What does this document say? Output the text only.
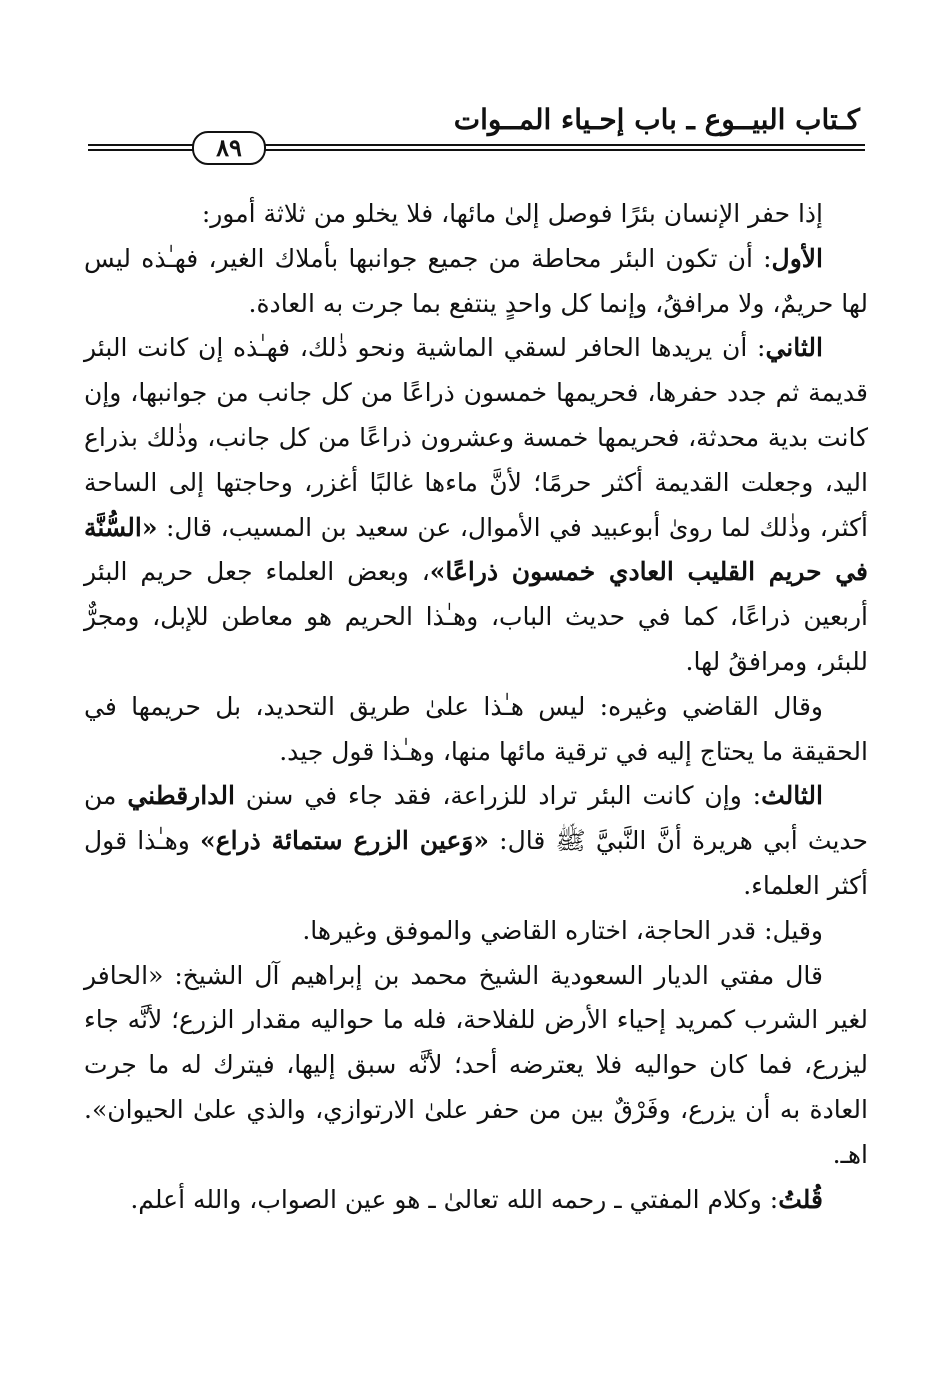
كـتاب البيــوع ـ باب إحـياء المــوات
٨٩

إذا حفر الإنسان بئرًا فوصل إلىٰ مائها، فلا يخلو من ثلاثة أمور:

الأول: أن تكون البئر محاطة من جميع جوانبها بأملاك الغير، فهـٰذه ليس لها حريمٌ، ولا مرافقُ، وإنما كل واحدٍ ينتفع بما جرت به العادة.

الثاني: أن يريدها الحافر لسقي الماشية ونحو ذٰلك، فهـٰذه إن كانت البئر قديمة ثم جدد حفرها، فحريمها خمسون ذراعًا من كل جانب من جوانبها، وإن كانت بدية محدثة، فحريمها خمسة وعشرون ذراعًا من كل جانب، وذٰلك بذراع اليد، وجعلت القديمة أكثر حرمًا؛ لأنَّ ماءها غالبًا أغزر، وحاجتها إلى الساحة أكثر، وذٰلك لما روىٰ أبوعبيد في الأموال، عن سعيد بن المسيب، قال: «السُّنَّة في حريم القليب العادي خمسون ذراعًا»، وبعض العلماء جعل حريم البئر أربعين ذراعًا، كما في حديث الباب، وهـٰذا الحريم هو معاطن للإبل، ومجرٌّ للبئر، ومرافقُ لها.

وقال القاضي وغيره: ليس هـٰذا علىٰ طريق التحديد، بل حريمها في الحقيقة ما يحتاج إليه في ترقية مائها منها، وهـٰذا قول جيد.

الثالث: وإن كانت البئر تراد للزراعة، فقد جاء في سنن الدارقطني من حديث أبي هريرة أنَّ النَّبيَّ ﷺ قال: «وَعين الزرع ستمائة ذراع» وهـٰذا قول أكثر العلماء.

وقيل: قدر الحاجة، اختاره القاضي والموفق وغيرها.

قال مفتي الديار السعودية الشيخ محمد بن إبراهيم آل الشيخ: «الحافر لغير الشرب كمريد إحياء الأرض للفلاحة، فله ما حواليه مقدار الزرع؛ لأنَّه جاء ليزرع، فما كان حواليه فلا يعترضه أحد؛ لأنَّه سبق إليها، فيترك له ما جرت العادة به أن يزرع، وفَرْقٌ بين من حفر علىٰ الارتوازي، والذي علىٰ الحيوان». اهـ.

قُلتُ: وكلام المفتي ـ رحمه الله تعالىٰ ـ هو عين الصواب، والله أعلم.
